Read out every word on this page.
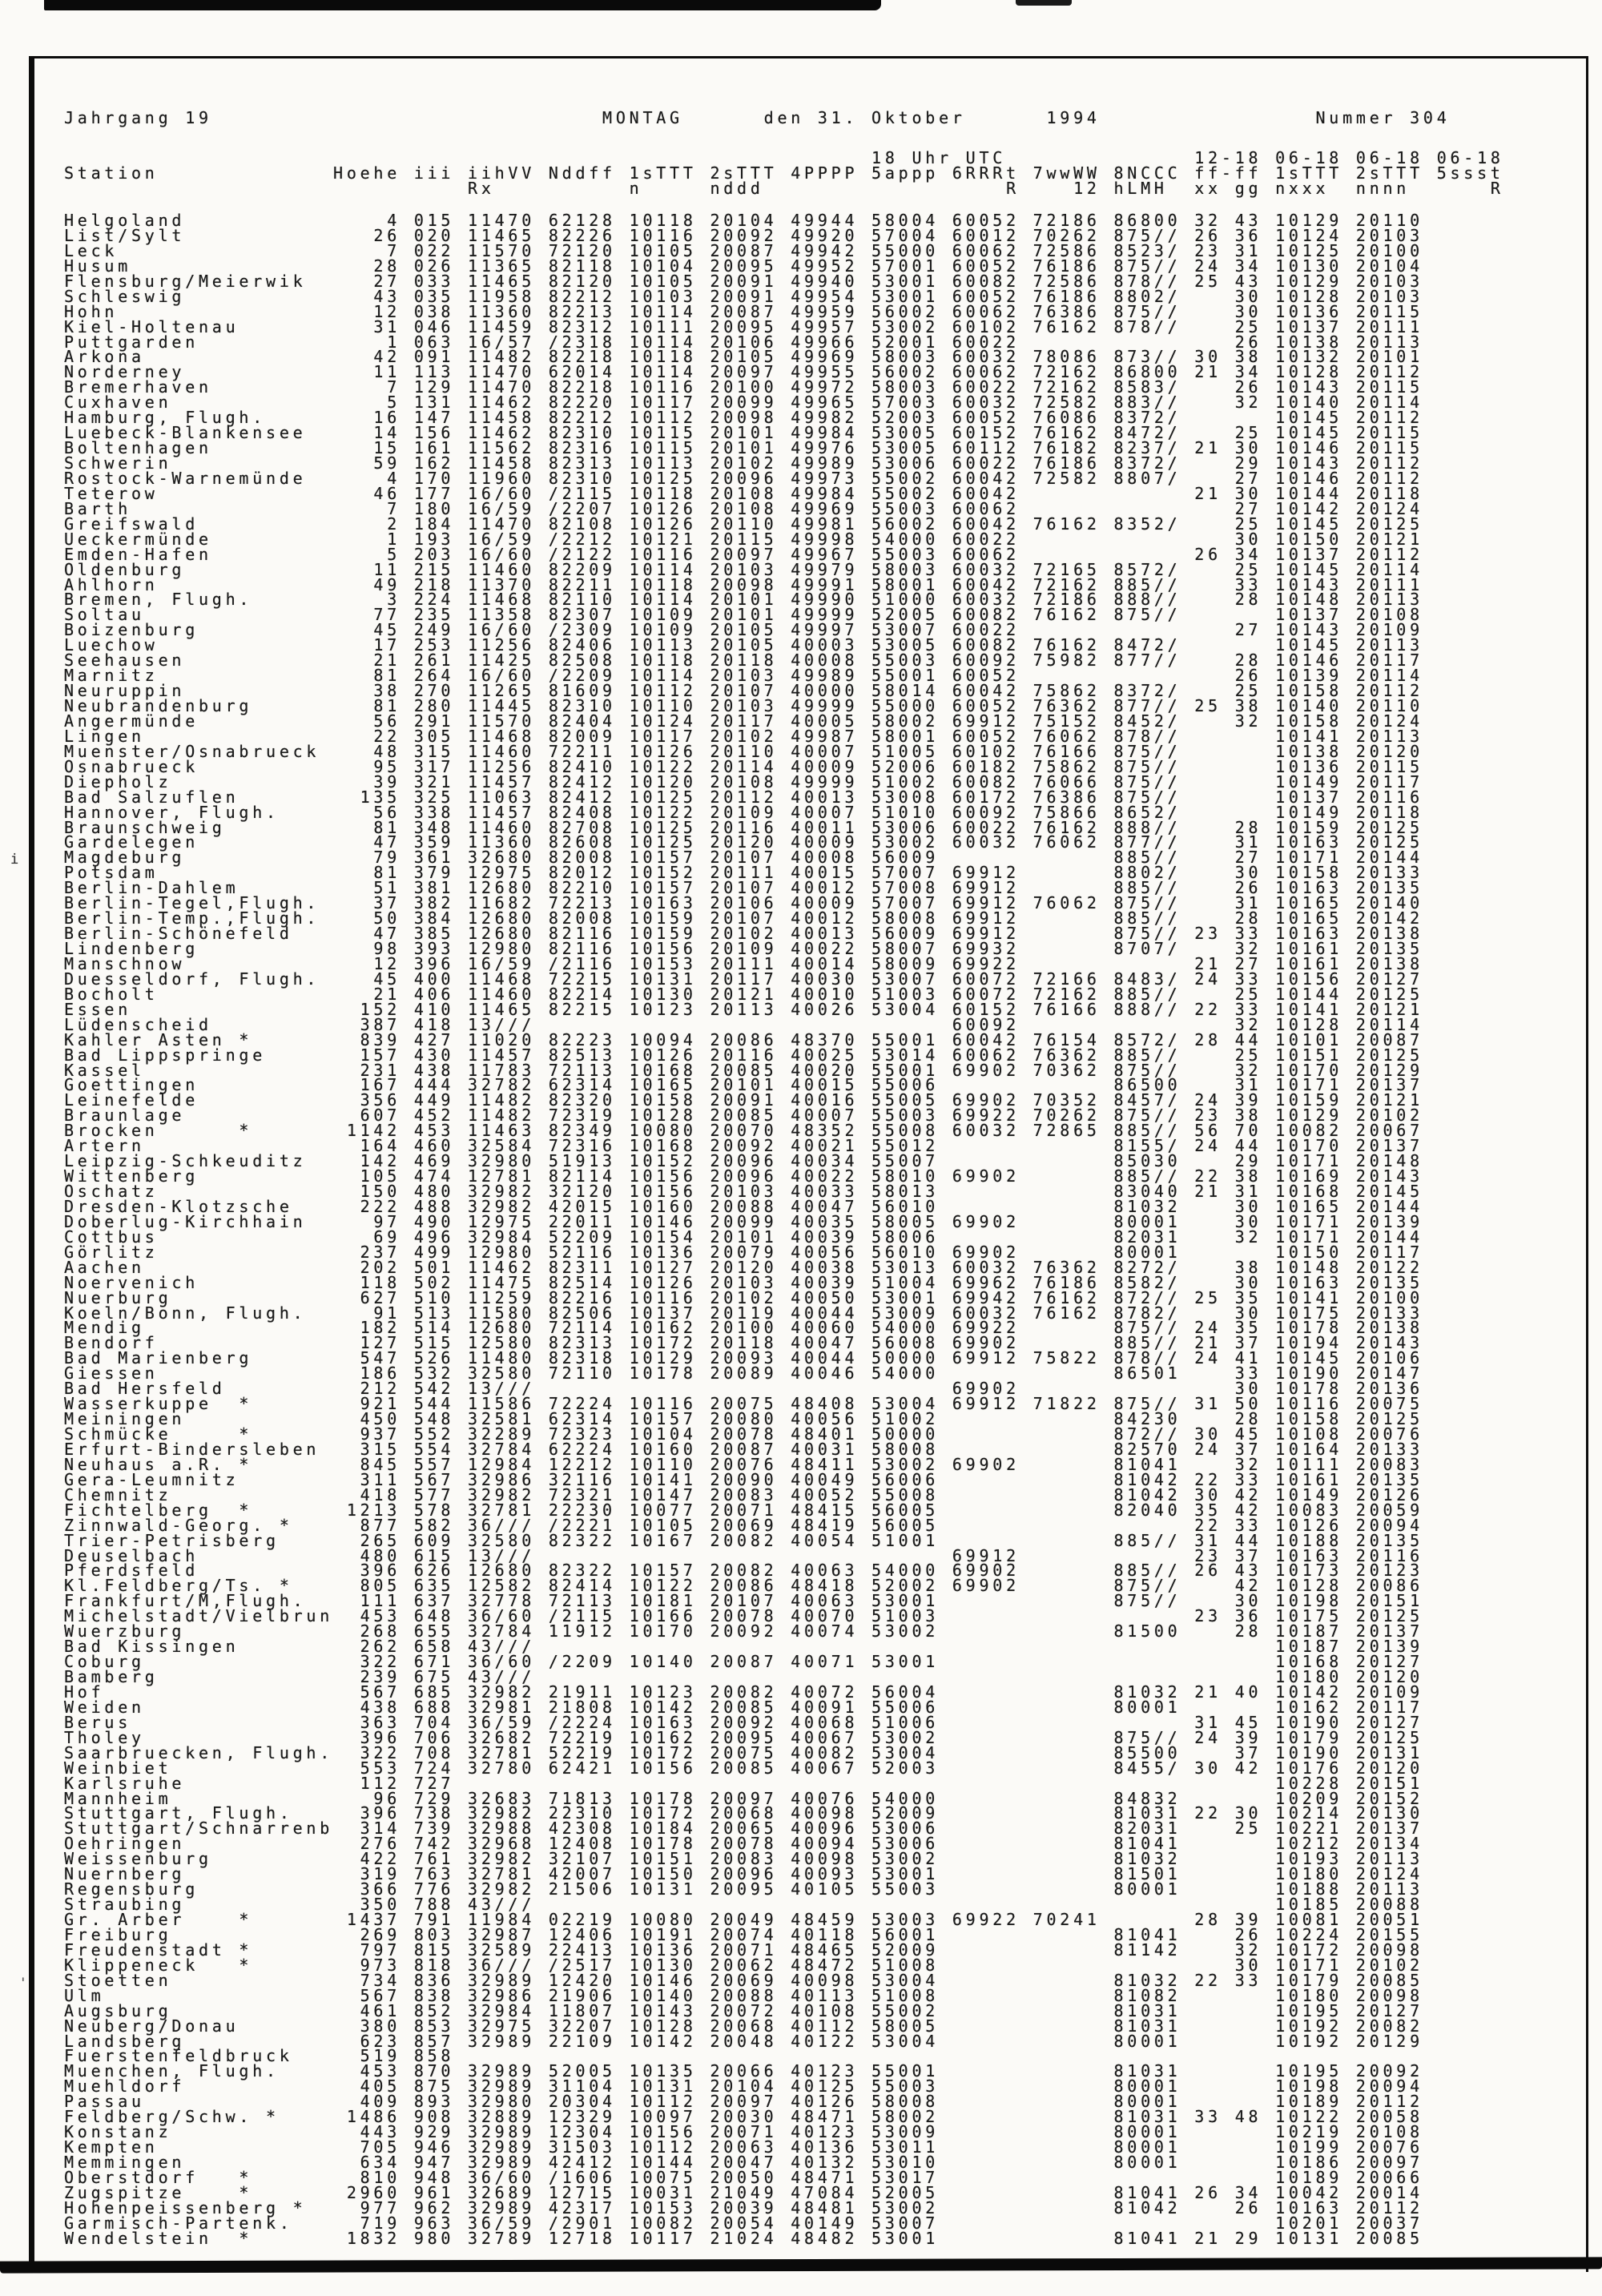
i
'
Jahrgang 19                             MONTAG      den 31. Oktober      1994                Nummer 304
18 Uhr UTC              12-18 06-18 06-18 06-18
Station             Hoehe iii iihVV Nddff 1sTTT 2sTTT 4PPPP 5appp 6RRRt 7wwWW 8NCCC ff-ff 1sTTT 2sTTT 5ssst
Rx          n     nddd                  R    12 hLMH  xx gg nxxx  nnnn      R
Helgoland               4 015 11470 62128 10118 20104 49944 58004 60052 72186 86800 32 43 10129 20110
List/Sylt              26 020 11465 82226 10116 20092 49920 57004 60012 70262 875// 26 36 10124 20103
Leck                    7 022 11570 72120 10105 20087 49942 55000 60062 72586 8523/ 23 31 10125 20100
Husum                  28 026 11365 82118 10104 20095 49952 57001 60052 76186 875// 24 34 10130 20104
Flensburg/Meierwik     27 033 11465 82120 10105 20091 49940 53001 60082 72586 878// 25 43 10129 20103
Schleswig              43 035 11958 82212 10103 20091 49954 53001 60052 76186 8802/    30 10128 20103
Hohn                   12 038 11360 82213 10114 20087 49959 56002 60062 76386 875//    30 10136 20115
Kiel-Holtenau          31 046 11459 82312 10111 20095 49957 53002 60102 76162 878//    25 10137 20111
Puttgarden              1 063 16/57 /2318 10114 20106 49966 52001 60022                26 10138 20113
Arkona                 42 091 11482 82218 10118 20105 49969 58003 60032 78086 873// 30 38 10132 20101
Norderney              11 113 11470 62014 10114 20097 49955 56002 60062 72162 86800 21 34 10128 20112
Bremerhaven             7 129 11470 82218 10116 20100 49972 58003 60022 72162 8583/    26 10143 20115
Cuxhaven                5 131 11462 82220 10117 20099 49965 57003 60032 72582 883//    32 10140 20114
Hamburg, Flugh.        16 147 11458 82212 10112 20098 49982 52003 60052 76086 8372/       10145 20112
Luebeck-Blankensee     14 156 11462 82310 10115 20101 49984 53005 60152 76162 8472/    25 10145 20115
Boltenhagen            15 161 11562 82316 10115 20101 49976 53005 60112 76182 8237/ 21 30 10146 20115
Schwerin               59 162 11458 82313 10113 20102 49989 53006 60022 76186 8372/    29 10143 20112
Rostock-Warnemünde      4 170 11960 82310 10125 20096 49973 55002 60042 72582 8807/    27 10146 20112
Teterow                46 177 16/60 /2115 10118 20108 49984 55002 60042             21 30 10144 20118
Barth                   7 180 16/59 /2207 10126 20108 49969 55003 60062                27 10142 20124
Greifswald              2 184 11470 82108 10126 20110 49981 56002 60042 76162 8352/    25 10145 20125
Ueckermünde             1 193 16/59 /2212 10121 20115 49998 54000 60022                30 10150 20121
Emden-Hafen             5 203 16/60 /2122 10116 20097 49967 55003 60062             26 34 10137 20112
Oldenburg              11 215 11460 82209 10114 20103 49979 58003 60032 72165 8572/    25 10145 20114
Ahlhorn                49 218 11370 82211 10118 20098 49991 58001 60042 72162 885//    33 10143 20111
Bremen, Flugh.          3 224 11468 82110 10114 20101 49990 51000 60032 72186 888//    28 10148 20113
Soltau                 77 235 11358 82307 10109 20101 49999 52005 60082 76162 875//       10137 20108
Boizenburg             45 249 16/60 /2309 10109 20105 49997 53007 60022                27 10143 20109
Luechow                17 253 11256 82406 10113 20105 40003 53005 60082 76162 8472/       10145 20113
Seehausen              21 261 11425 82508 10118 20118 40008 55003 60092 75982 877//    28 10146 20117
Marnitz                81 264 16/60 /2209 10114 20103 49989 55001 60052                26 10139 20114
Neuruppin              38 270 11265 81609 10112 20107 40000 58014 60042 75862 8372/    25 10158 20112
Neubrandenburg         81 280 11445 82310 10110 20103 49999 55000 60052 76362 877// 25 38 10140 20110
Angermünde             56 291 11570 82404 10124 20117 40005 58002 69912 75152 8452/    32 10158 20124
Lingen                 22 305 11468 82009 10117 20102 49987 58001 60052 76062 878//       10141 20113
Muenster/Osnabrueck    48 315 11460 72211 10126 20110 40007 51005 60102 76166 875//       10138 20120
Osnabrueck             95 317 11256 82410 10122 20114 40009 52006 60182 75862 875//       10136 20115
Diepholz               39 321 11457 82412 10120 20108 49999 51002 60082 76066 875//       10149 20117
Bad Salzuflen         135 325 11063 82412 10125 20112 40013 53008 60172 76386 875//       10137 20116
Hannover, Flugh.       56 338 11457 82408 10122 20109 40007 51010 60092 75866 8652/       10149 20118
Braunschweig           81 348 11460 82708 10125 20116 40011 53006 60022 76162 888//    28 10159 20125
Gardelegen             47 359 11360 82608 10125 20120 40009 53002 60032 76062 877//    31 10163 20125
Magdeburg              79 361 32680 82008 10157 20107 40008 56009             885//    27 10171 20144
Potsdam                81 379 12975 82012 10152 20111 40015 57007 69912       8802/    30 10158 20133
Berlin-Dahlem          51 381 12680 82210 10157 20107 40012 57008 69912       885//    26 10163 20135
Berlin-Tegel,Flugh.    37 382 11682 72213 10163 20106 40009 57007 69912 76062 875//    31 10165 20140
Berlin-Temp.,Flugh.    50 384 12680 82008 10159 20107 40012 58008 69912       885//    28 10165 20142
Berlin-Schönefeld      47 385 12680 82116 10159 20102 40013 56009 69912       875// 23 33 10163 20138
Lindenberg             98 393 12980 82116 10156 20109 40022 58007 69932       8707/    32 10161 20135
Manschnow              12 396 16/59 /2116 10153 20111 40014 58009 69922             21 27 10161 20138
Duesseldorf, Flugh.    45 400 11468 72215 10131 20117 40030 53007 60072 72166 8483/ 24 33 10156 20127
Bocholt                21 406 11460 82214 10130 20121 40010 51003 60072 72162 885//    25 10144 20125
Essen                 152 410 11465 82215 10123 20113 40026 53004 60152 76166 888// 22 33 10141 20121
Lüdenscheid           387 418 13///                               60092                32 10128 20114
Kahler Asten *        839 427 11020 82223 10094 20086 48370 55001 60042 76154 8572/ 28 44 10101 20087
Bad Lippspringe       157 430 11457 82513 10126 20116 40025 53014 60062 76362 885//    25 10151 20125
Kassel                231 438 11783 72113 10168 20085 40020 55001 69902 70362 875//    32 10170 20129
Goettingen            167 444 32782 62314 10165 20101 40015 55006             86500    31 10171 20137
Leinefelde            356 449 11482 82320 10158 20091 40016 55005 69902 70352 8457/ 24 39 10159 20121
Braunlage             607 452 11482 72319 10128 20085 40007 55003 69922 70262 875// 23 38 10129 20102
Brocken      *       1142 453 11463 82349 10080 20070 48352 55008 60032 72865 885// 56 70 10082 20067
Artern                164 460 32584 72316 10168 20092 40021 55012             8155/ 24 44 10170 20137
Leipzig-Schkeuditz    142 469 32980 51913 10152 20096 40034 55007             85030    29 10171 20148
Wittenberg            105 474 12781 82114 10156 20096 40022 58010 69902       885// 22 38 10169 20143
Oschatz               150 480 32982 32120 10156 20103 40033 58013             83040 21 31 10168 20145
Dresden-Klotzsche     222 488 32982 42015 10160 20088 40047 56010             81032    30 10165 20144
Doberlug-Kirchhain     97 490 12975 22011 10146 20099 40035 58005 69902       80001    30 10171 20139
Cottbus                69 496 32984 52209 10154 20101 40039 58006             82031    32 10171 20144
Görlitz               237 499 12980 52116 10136 20079 40056 56010 69902       80001       10150 20117
Aachen                202 501 11462 82311 10127 20120 40038 53013 60032 76362 8272/    38 10148 20122
Noervenich            118 502 11475 82514 10126 20103 40039 51004 69962 76186 8582/    30 10163 20135
Nuerburg              627 510 11259 82216 10116 20102 40050 53001 69942 76162 872// 25 35 10141 20100
Koeln/Bonn, Flugh.     91 513 11580 82506 10137 20119 40044 53009 60032 76162 8782/    30 10175 20133
Mendig                182 514 12680 72114 10162 20100 40060 54000 69922       875// 24 35 10178 20138
Bendorf               127 515 12580 82313 10172 20118 40047 56008 69902       885// 21 37 10194 20143
Bad Marienberg        547 526 11480 82318 10129 20093 40044 50000 69912 75822 878// 24 41 10145 20106
Giessen               186 532 32580 72110 10178 20089 40046 54000             86501    33 10190 20147
Bad Hersfeld          212 542 13///                               69902                30 10178 20136
Wasserkuppe  *        921 544 11586 72224 10116 20075 48408 53004 69912 71822 875// 31 50 10116 20075
Meiningen             450 548 32581 62314 10157 20080 40056 51002             84230    28 10158 20125
Schmücke     *        937 552 32289 72323 10104 20078 48401 50000             872// 30 45 10108 20076
Erfurt-Bindersleben   315 554 32784 62224 10160 20087 40031 58008             82570 24 37 10164 20133
Neuhaus a.R. *        845 557 12984 12212 10110 20076 48411 53002 69902       81041    32 10111 20083
Gera-Leumnitz         311 567 32986 32116 10141 20090 40049 56006             81042 22 33 10161 20135
Chemnitz              418 577 32982 72321 10147 20083 40052 55008             81042 30 42 10149 20126
Fichtelberg  *       1213 578 32781 22230 10077 20071 48415 56005             82040 35 42 10083 20059
Zinnwald-Georg. *     877 582 36/// /2221 10105 20069 48419 56005                   22 33 10126 20094
Trier-Petrisberg      265 609 32580 82322 10167 20082 40054 51001             885// 31 44 10188 20135
Deuselbach            480 615 13///                               69912             23 37 10163 20116
Pferdsfeld            396 626 12680 82322 10157 20082 40063 54000 69902       885// 26 43 10173 20123
Kl.Feldberg/Ts. *     805 635 12582 82414 10122 20086 48418 52002 69902       875//    42 10128 20086
Frankfurt/M,Flugh.    111 637 32778 72113 10181 20107 40063 53001             875//    30 10198 20151
Michelstadt/Vielbrun  453 648 36/60 /2115 10166 20078 40070 51003                   23 36 10175 20125
Wuerzburg             268 655 32784 11912 10170 20092 40074 53002             81500    28 10187 20137
Bad Kissingen         262 658 43///                                                       10187 20139
Coburg                322 671 36/60 /2209 10140 20087 40071 53001                         10168 20127
Bamberg               239 675 43///                                                       10180 20120
Hof                   567 685 32982 21911 10123 20082 40072 56004             81032 21 40 10142 20109
Weiden                438 688 32981 21808 10142 20085 40091 55006             80001       10162 20117
Berus                 363 704 36/59 /2224 10163 20092 40068 51006                   31 45 10190 20127
Tholey                396 706 32682 72219 10162 20095 40067 53002             875// 24 39 10179 20125
Saarbruecken, Flugh.  322 708 32781 52219 10172 20075 40082 53004             85500    37 10190 20131
Weinbiet              553 724 32780 62421 10156 20085 40067 52003             8455/ 30 42 10176 20120
Karlsruhe             112 727                                                             10228 20151
Mannheim               96 729 32683 71813 10178 20097 40076 54000             84832       10209 20152
Stuttgart, Flugh.     396 738 32982 22310 10172 20068 40098 52009             81031 22 30 10214 20130
Stuttgart/Schnarrenb  314 739 32988 42308 10184 20065 40096 53006             82031    25 10221 20137
Oehringen             276 742 32968 12408 10178 20078 40094 53006             81041       10212 20134
Weissenburg           422 761 32982 32107 10151 20083 40098 53002             81032       10193 20113
Nuernberg             319 763 32781 42007 10150 20096 40093 53001             81501       10180 20124
Regensburg            366 776 32982 21506 10131 20095 40105 55003             80001       10188 20113
Straubing             350 788 43///                                                       10185 20088
Gr. Arber    *       1437 791 11984 02219 10080 20049 48459 53003 69922 70241       28 39 10081 20051
Freiburg              269 803 32987 12406 10191 20074 40118 56001             81041    26 10224 20155
Freudenstadt *        797 815 32589 22413 10136 20071 48465 52009             81142    32 10172 20098
Klippeneck   *        973 818 36/// /2517 10130 20062 48472 51008                      30 10171 20102
Stoetten              734 836 32989 12420 10146 20069 40098 53004             81032 22 33 10179 20085
Ulm                   567 838 32986 21906 10140 20088 40113 51008             81082       10180 20098
Augsburg              461 852 32984 11807 10143 20072 40108 55002             81031       10195 20127
Neuberg/Donau         380 853 32975 32207 10128 20068 40112 58005             81031       10192 20082
Landsberg             623 857 32989 22109 10142 20048 40122 53004             80001       10192 20129
Fuerstenfeldbruck     519 858
Muenchen, Flugh.      453 870 32989 52005 10135 20066 40123 55001             81031       10195 20092
Muehldorf             405 875 32989 31104 10131 20104 40125 55003             80001       10198 20094
Passau                409 893 32980 20304 10112 20097 40126 58008             80001       10189 20112
Feldberg/Schw. *     1486 908 32889 12329 10097 20030 48471 58002             81031 33 48 10122 20058
Konstanz              443 929 32989 12304 10156 20071 40123 53009             80001       10219 20108
Kempten               705 946 32989 31503 10112 20063 40136 53011             80001       10199 20076
Memmingen             634 947 32989 42412 10144 20047 40132 53010             80001       10186 20097
Oberstdorf   *        810 948 36/60 /1606 10075 20050 48471 53017                         10189 20066
Zugspitze    *       2960 961 32689 12715 10031 21049 47084 52005             81041 26 34 10042 20014
Hohenpeissenberg *    977 962 32989 42317 10153 20039 48481 53002             81042    26 10163 20112
Garmisch-Partenk.     719 963 36/59 /2901 10082 20054 40149 53007                         10201 20037
Wendelstein  *       1832 980 32789 12718 10117 21024 48482 53001             81041 21 29 10131 20085
